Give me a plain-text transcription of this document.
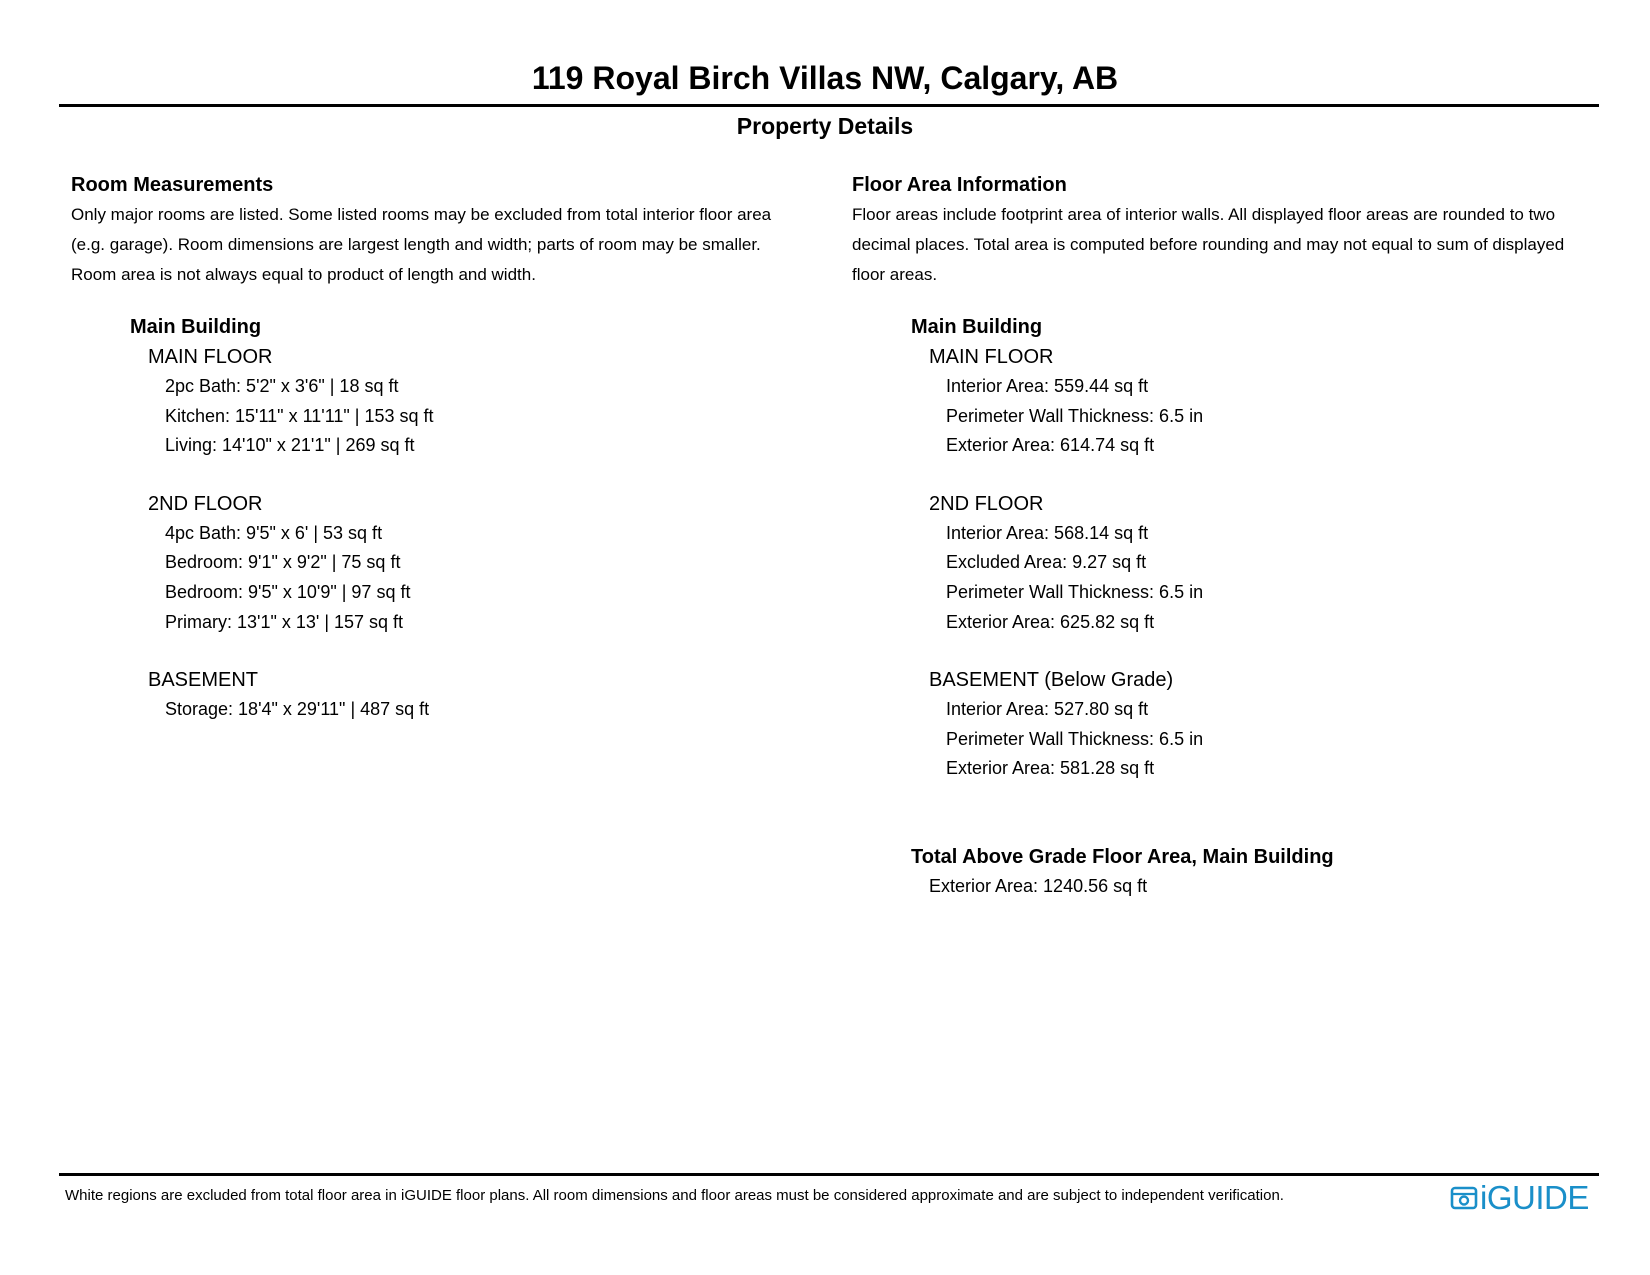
119 Royal Birch Villas NW, Calgary, AB
Property Details
Room Measurements
Only major rooms are listed. Some listed rooms may be excluded from total interior floor area
(e.g. garage). Room dimensions are largest length and width; parts of room may be smaller.
Room area is not always equal to product of length and width.
Main Building
MAIN FLOOR
2pc Bath: 5'2" x 3'6" | 18 sq ft
Kitchen: 15'11" x 11'11" | 153 sq ft
Living: 14'10" x 21'1" | 269 sq ft
2ND FLOOR
4pc Bath: 9'5" x 6' | 53 sq ft
Bedroom: 9'1" x 9'2" | 75 sq ft
Bedroom: 9'5" x 10'9" | 97 sq ft
Primary: 13'1" x 13' | 157 sq ft
BASEMENT
Storage: 18'4" x 29'11" | 487 sq ft
Floor Area Information
Floor areas include footprint area of interior walls. All displayed floor areas are rounded to two
decimal places. Total area is computed before rounding and may not equal to sum of displayed
floor areas.
Main Building
MAIN FLOOR
Interior Area: 559.44 sq ft
Perimeter Wall Thickness: 6.5 in
Exterior Area: 614.74 sq ft
2ND FLOOR
Interior Area: 568.14 sq ft
Excluded Area: 9.27 sq ft
Perimeter Wall Thickness: 6.5 in
Exterior Area: 625.82 sq ft
BASEMENT (Below Grade)
Interior Area: 527.80 sq ft
Perimeter Wall Thickness: 6.5 in
Exterior Area: 581.28 sq ft
Total Above Grade Floor Area, Main Building
Exterior Area: 1240.56 sq ft
White regions are excluded from total floor area in iGUIDE floor plans. All room dimensions and floor areas must be considered approximate and are subject to independent verification.	iGUIDE
